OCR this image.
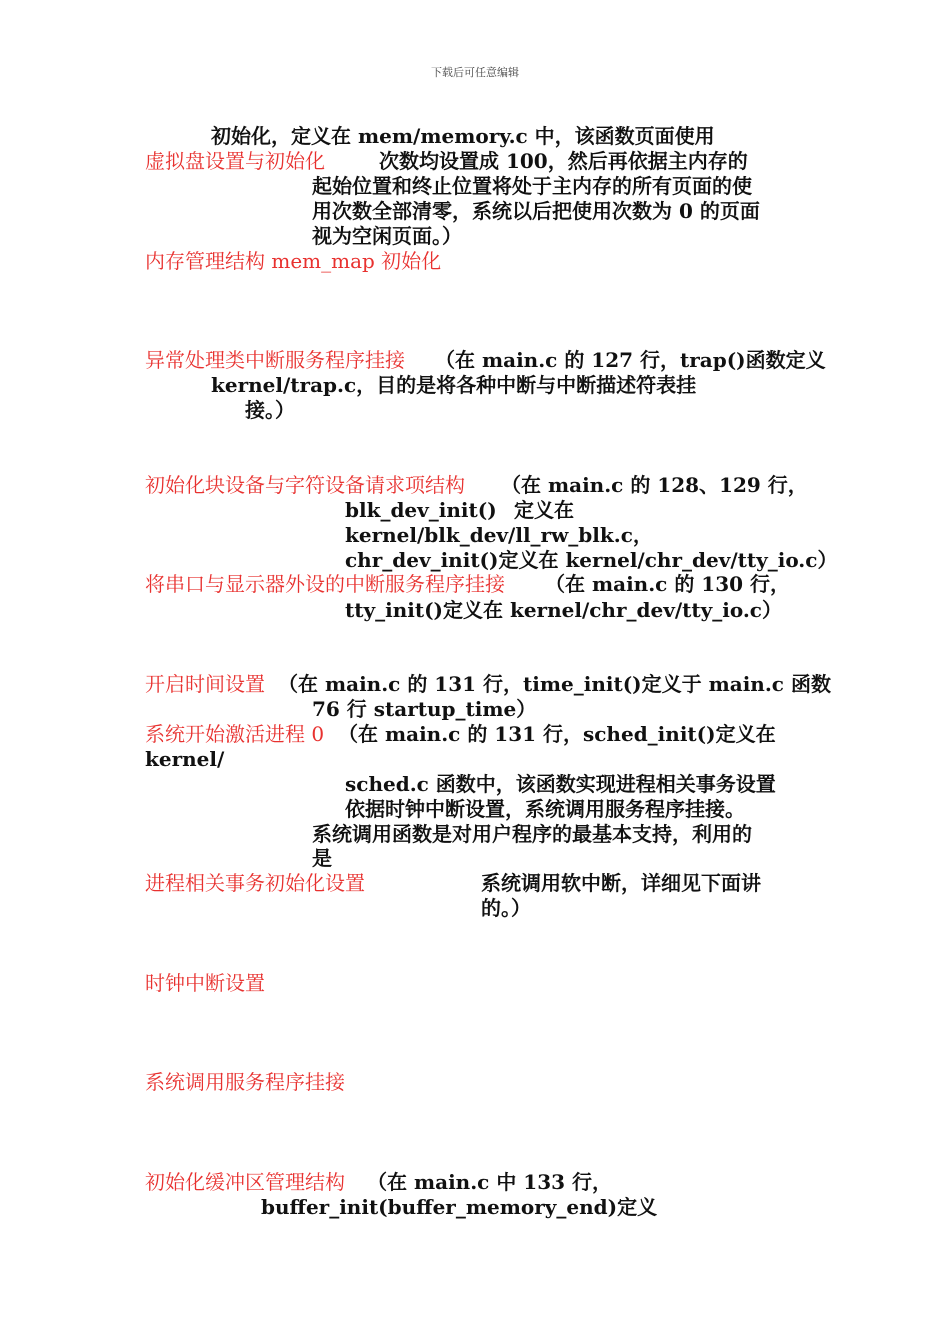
下载后可任意编辑
初始化，定义在 mem/memory.c 中，该函数页面使用
虚拟盘设置与初始化	次数均设置成 100，然后再依据主内存的
起始位置和终止位置将处于主内存的所有页面的使
用次数全部清零，系统以后把使用次数为 0 的页面
视为空闲页面。）
内存管理结构 mem_map 初始化
异常处理类中断服务程序挂接 （在 main.c 的 127 行，trap()函数定义
kernel/trap.c，目的是将各种中断与中断描述符表挂
接。）
初始化块设备与字符设备请求项结构 （在 main.c 的 128、129 行，
blk_dev_init() 定义在
kernel/blk_dev/ll_rw_blk.c，
chr_dev_init()定义在 kernel/chr_dev/tty_io.c）
将串口与显示器外设的中断服务程序挂接 （在 main.c 的 130 行，
tty_init()定义在 kernel/chr_dev/tty_io.c）
开启时间设置 （在 main.c 的 131 行，time_init()定义于 main.c 函数
76 行 startup_time）
系统开始激活进程 0 （在 main.c 的 131 行，sched_init()定义在
kernel/
sched.c 函数中，该函数实现进程相关事务设置
依据时钟中断设置，系统调用服务程序挂接。
系统调用函数是对用户程序的最基本支持，利用的
是
进程相关事务初始化设置	系统调用软中断，详细见下面讲
的。）
时钟中断设置
系统调用服务程序挂接
初始化缓冲区管理结构 （在 main.c 中 133 行，
buffer_init(buffer_memory_end)定义
